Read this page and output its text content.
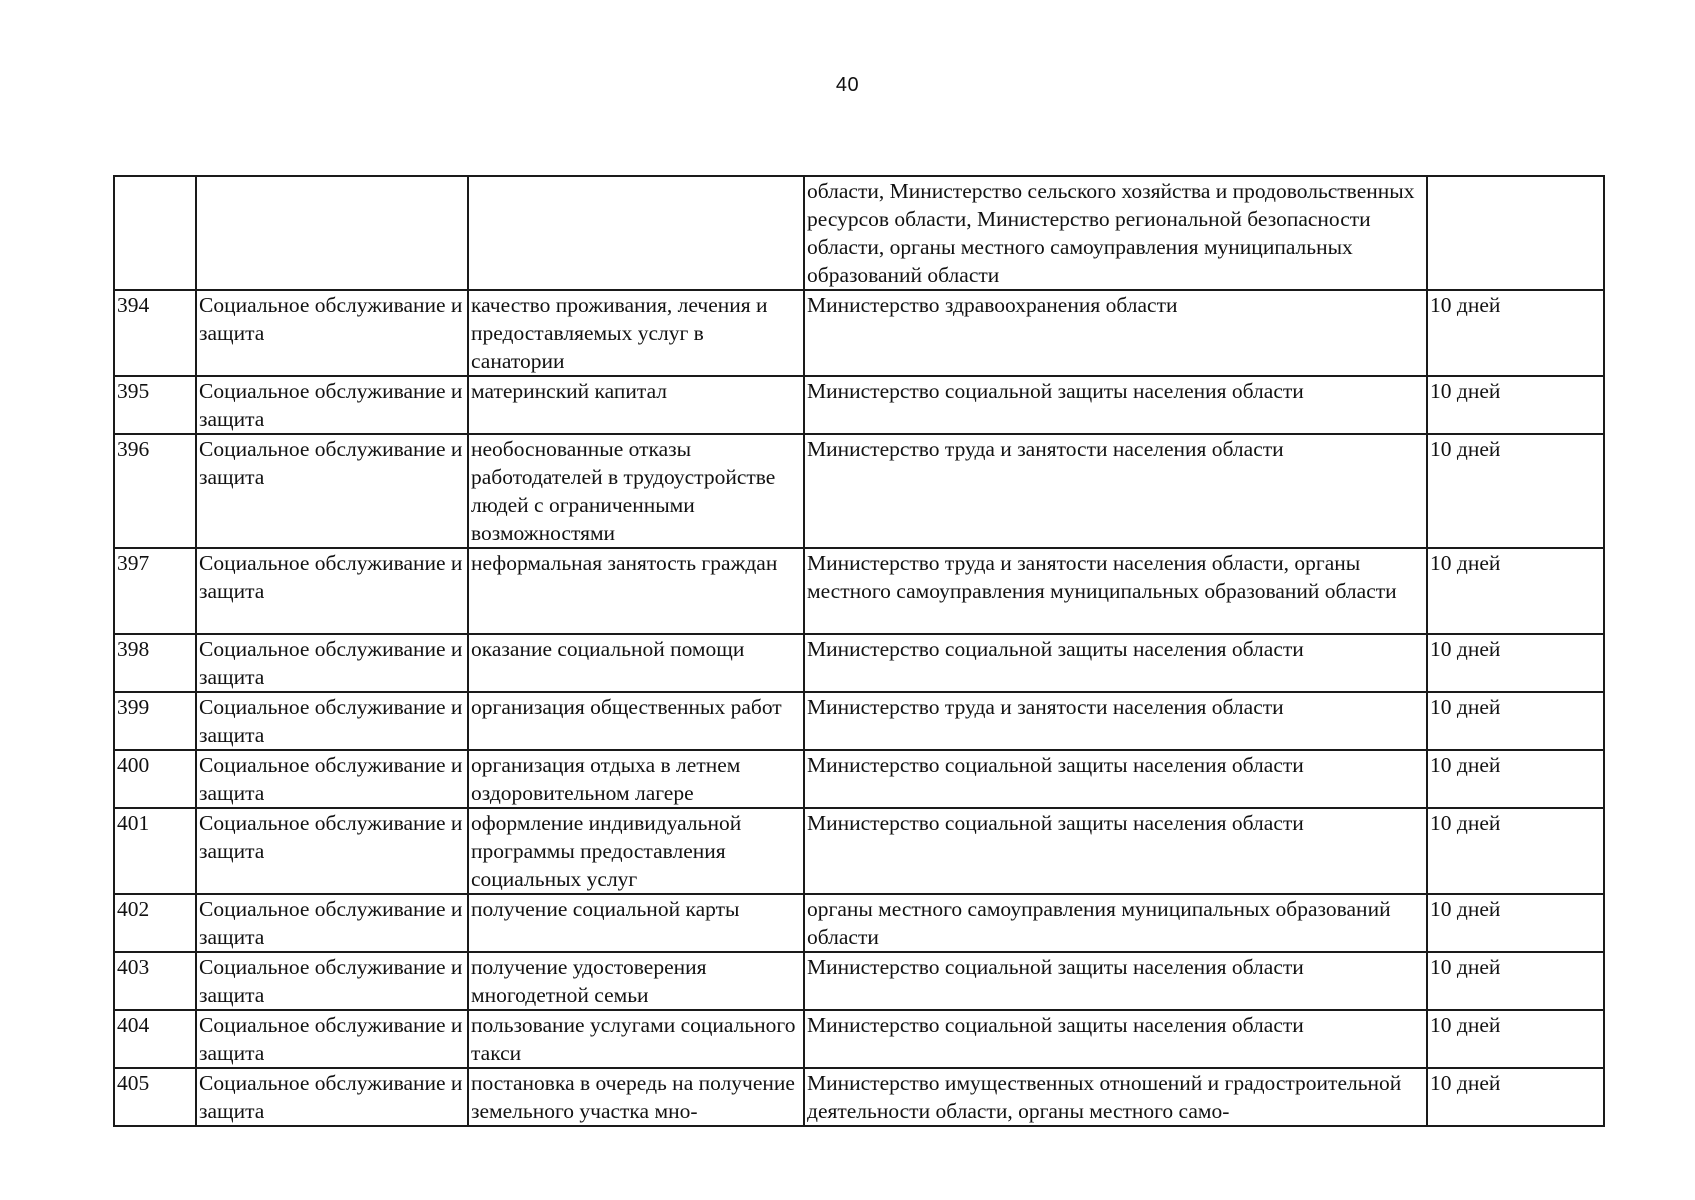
40
			области, Министерство сельского хозяйства и продовольственных ресурсов области, Министерство региональной безопасности области, органы местного самоуправления муниципальных образований области	
394	Социальное обслуживание и защита	качество проживания, лечения и предоставляемых услуг в санатории	Министерство здравоохранения области	10 дней
395	Социальное обслуживание и защита	материнский капитал	Министерство социальной защиты населения области	10 дней
396	Социальное обслуживание и защита	необоснованные отказы работодателей в трудоустройстве людей с ограниченными возможностями	Министерство труда и занятости населения области	10 дней
397	Социальное обслуживание и защита	неформальная занятость граждан	Министерство труда и занятости населения области, органы местного самоуправления муниципальных образований области	10 дней
398	Социальное обслуживание и защита	оказание социальной помощи	Министерство социальной защиты населения области	10 дней
399	Социальное обслуживание и защита	организация общественных работ	Министерство труда и занятости населения области	10 дней
400	Социальное обслуживание и защита	организация отдыха в летнем оздоровительном лагере	Министерство социальной защиты населения области	10 дней
401	Социальное обслуживание и защита	оформление индивидуальной программы предоставления социальных услуг	Министерство социальной защиты населения области	10 дней
402	Социальное обслуживание и защита	получение социальной карты	органы местного самоуправления муниципальных образований области	10 дней
403	Социальное обслуживание и защита	получение удостоверения многодетной семьи	Министерство социальной защиты населения области	10 дней
404	Социальное обслуживание и защита	пользование услугами социального такси	Министерство социальной защиты населения области	10 дней
405	Социальное обслуживание и защита	постановка в очередь на получение земельного участка мно-	Министерство имущественных отношений и градостроительной деятельности области, органы местного само-	10 дней
